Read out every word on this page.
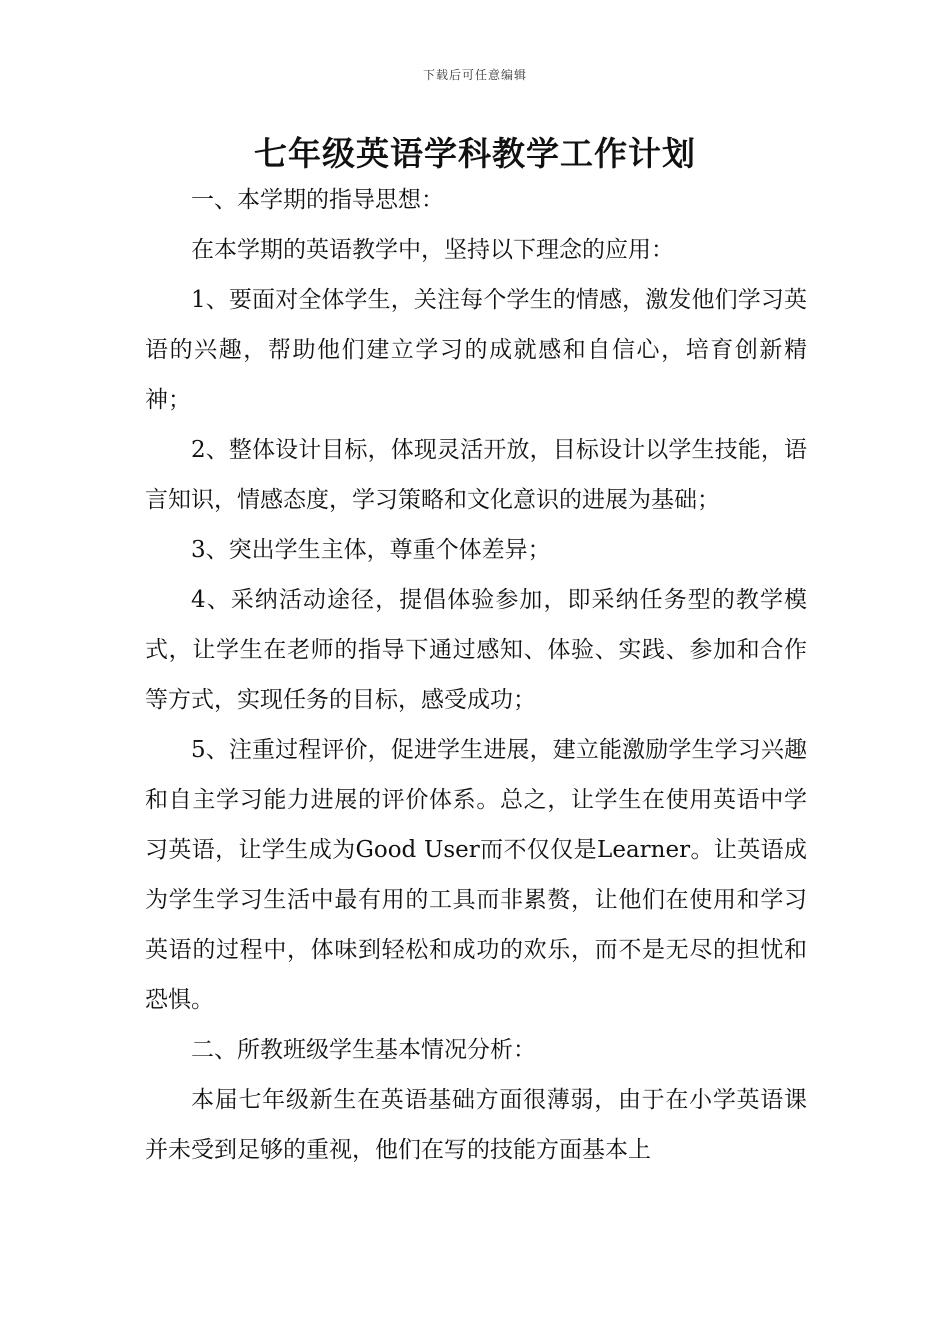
下载后可任意编辑
七年级英语学科教学工作计划

一、本学期的指导思想：

在本学期的英语教学中，坚持以下理念的应用：

1、要面对全体学生，关注每个学生的情感，激发他们学习英语的兴趣，帮助他们建立学习的成就感和自信心，培育创新精神；

2、整体设计目标，体现灵活开放，目标设计以学生技能，语言知识，情感态度，学习策略和文化意识的进展为基础；

3、突出学生主体，尊重个体差异；

4、采纳活动途径，提倡体验参加，即采纳任务型的教学模式，让学生在老师的指导下通过感知、体验、实践、参加和合作等方式，实现任务的目标，感受成功；

5、注重过程评价，促进学生进展，建立能激励学生学习兴趣和自主学习能力进展的评价体系。总之，让学生在使用英语中学习英语，让学生成为Good User而不仅仅是Learner。让英语成为学生学习生活中最有用的工具而非累赘，让他们在使用和学习英语的过程中，体味到轻松和成功的欢乐，而不是无尽的担忧和恐惧。

二、所教班级学生基本情况分析：

本届七年级新生在英语基础方面很薄弱，由于在小学英语课并未受到足够的重视，他们在写的技能方面基本上
